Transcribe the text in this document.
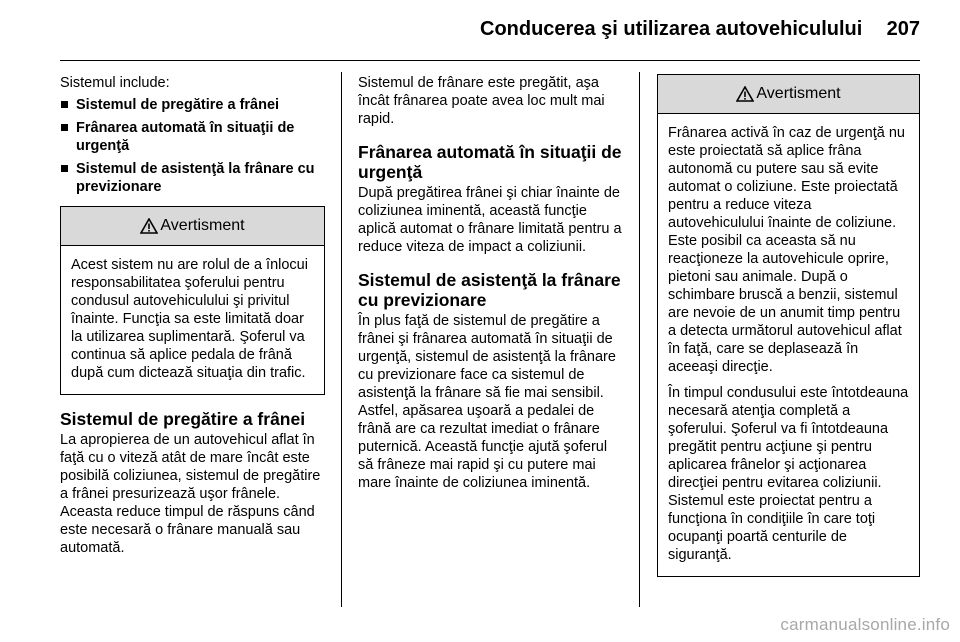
Conducerea şi utilizarea autovehiculului	207

Sistemul include:

Sistemul de pregătire a frânei
Frânarea automată în situaţii de urgenţă
Sistemul de asistenţă la frânare cu previzionare
Avertisment

Acest sistem nu are rolul de a înlocui responsabilitatea şoferului pentru condusul autovehiculului şi privitul înainte. Funcţia sa este limitată doar la utilizarea suplimentară. Şoferul va continua să aplice pedala de frână după cum dictează situaţia din trafic.

Sistemul de pregătire a frânei

La apropierea de un autovehicul aflat în faţă cu o viteză atât de mare încât este posibilă coliziunea, sistemul de pregătire a frânei presurizează uşor frânele. Aceasta reduce timpul de răspuns când este necesară o frânare manuală sau automată.

Sistemul de frânare este pregătit, aşa încât frânarea poate avea loc mult mai rapid.

Frânarea automată în situaţii de urgenţă

După pregătirea frânei şi chiar înainte de coliziunea iminentă, această funcţie aplică automat o frânare limitată pentru a reduce viteza de impact a coliziunii.

Sistemul de asistenţă la frânare cu previzionare

În plus faţă de sistemul de pregătire a frânei şi frânarea automată în situaţii de urgenţă, sistemul de asistenţă la frânare cu previzionare face ca sistemul de asistenţă la frânare să fie mai sensibil. Astfel, apăsarea uşoară a pedalei de frână are ca rezultat imediat o frânare puternică. Această funcţie ajută şoferul să frâneze mai rapid şi cu putere mai mare înainte de coliziunea iminentă.

Avertisment

Frânarea activă în caz de urgenţă nu este proiectată să aplice frâna autonomă cu putere sau să evite automat o coliziune. Este proiectată pentru a reduce viteza autovehiculului înainte de coliziune. Este posibil ca aceasta să nu reacţioneze la autovehicule oprire, pietoni sau animale. După o schimbare bruscă a benzii, sistemul are nevoie de un anumit timp pentru a detecta următorul autovehicul aflat în faţă, care se deplasează în aceeaşi direcţie.

În timpul condusului este întotdeauna necesară atenţia completă a şoferului. Şoferul va fi întotdeauna pregătit pentru acţiune şi pentru aplicarea frânelor şi acţionarea direcţiei pentru evitarea coliziunii. Sistemul este proiectat pentru a funcţiona în condiţiile în care toţi ocupanţi poartă centurile de siguranţă.

carmanualsonline.info
